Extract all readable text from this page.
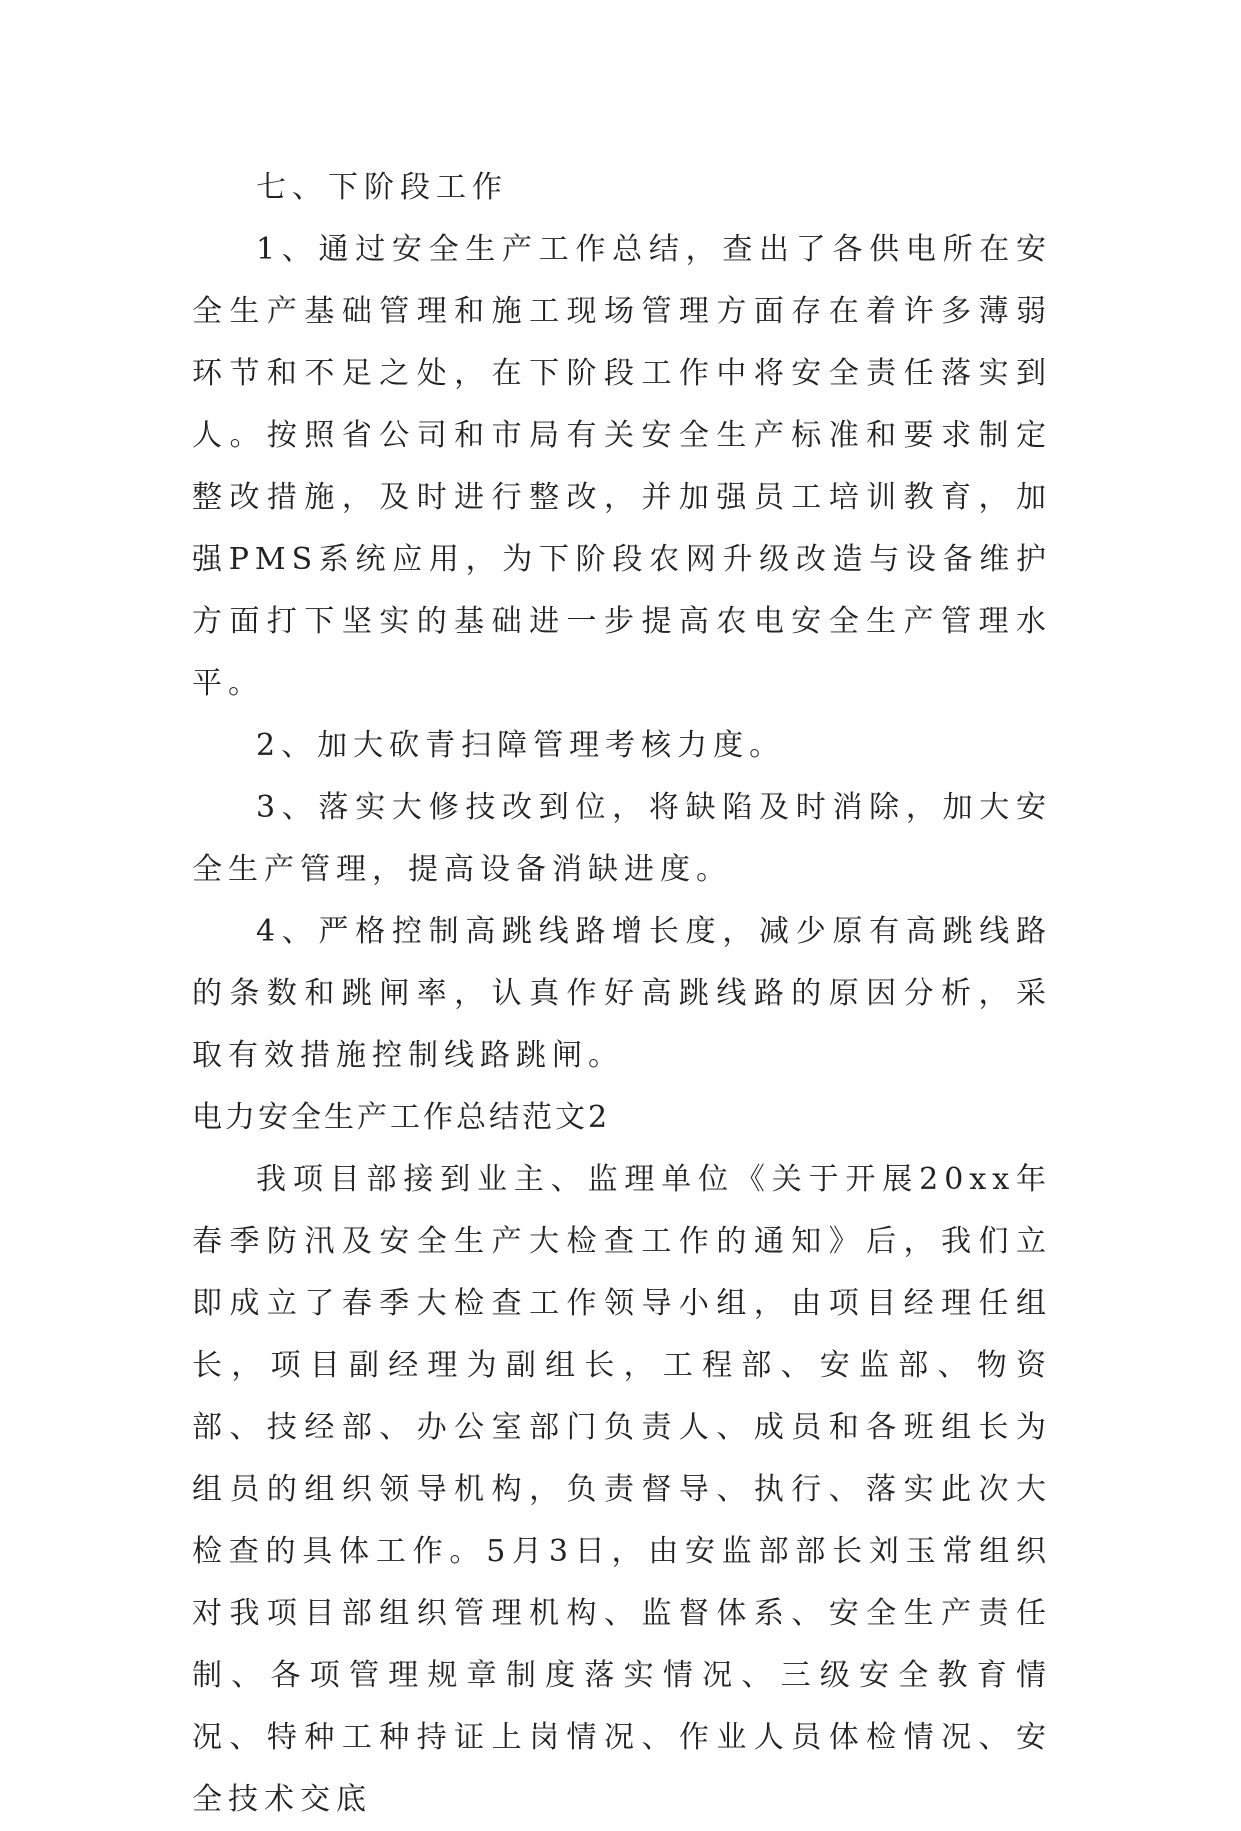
七、下阶段工作

1、通过安全生产工作总结，查出了各供电所在安全生产基础管理和施工现场管理方面存在着许多薄弱环节和不足之处，在下阶段工作中将安全责任落实到人。按照省公司和市局有关安全生产标准和要求制定整改措施，及时进行整改，并加强员工培训教育，加强PMS系统应用，为下阶段农网升级改造与设备维护方面打下坚实的基础进一步提高农电安全生产管理水平。

2、加大砍青扫障管理考核力度。

3、落实大修技改到位，将缺陷及时消除，加大安全生产管理，提高设备消缺进度。

4、严格控制高跳线路增长度，减少原有高跳线路的条数和跳闸率，认真作好高跳线路的原因分析，采取有效措施控制线路跳闸。

电力安全生产工作总结范文2

我项目部接到业主、监理单位《关于开展20xx年春季防汛及安全生产大检查工作的通知》后，我们立即成立了春季大检查工作领导小组，由项目经理任组长，项目副经理为副组长，工程部、安监部、物资部、技经部、办公室部门负责人、成员和各班组长为组员的组织领导机构，负责督导、执行、落实此次大检查的具体工作。5月3日，由安监部部长刘玉常组织对我项目部组织管理机构、监督体系、安全生产责任制、各项管理规章制度落实情况、三级安全教育情况、特种工种持证上岗情况、作业人员体检情况、安全技术交底
